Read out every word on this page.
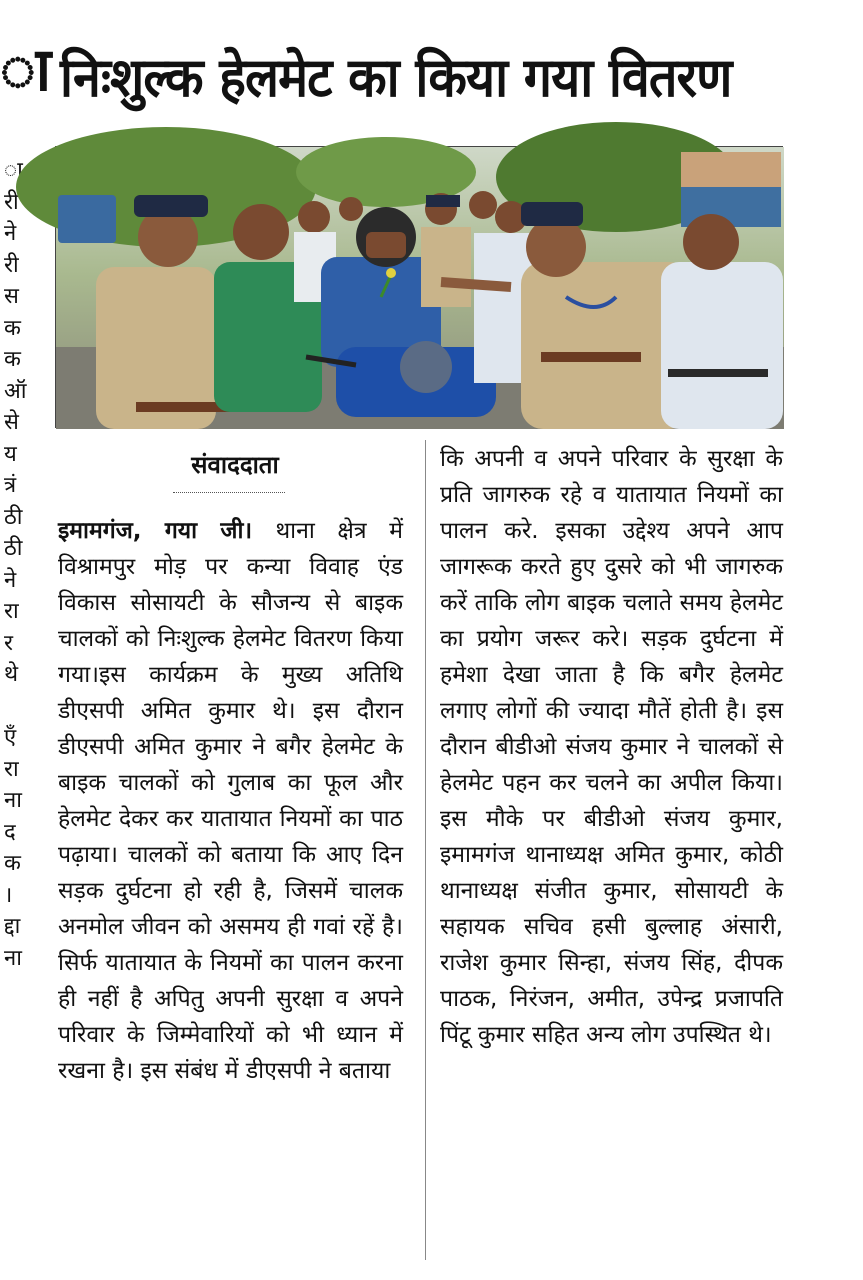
ा
ा
री
ने
री
स
क
क
ऑ
से
य
त्रं
ठी
ठी
ने
रा
र
थे
एँ
रा
ना
द
क
।
द्दा
ना
निःशुल्क हेलमेट का किया गया वितरण
संवाददाता
इमामगंज, गया जी। थाना क्षेत्र में विश्रामपुर मोड़ पर कन्या विवाह एंड विकास सोसायटी के सौजन्य से बाइक चालकों को निःशुल्क हेलमेट वितरण किया गया।इस कार्यक्रम के मुख्य अतिथि डीएसपी अमित कुमार थे। इस दौरान डीएसपी अमित कुमार ने बगैर हेलमेट के बाइक चालकों को गुलाब का फूल और हेलमेट देकर कर यातायात नियमों का पाठ पढ़ाया। चालकों को बताया कि आए दिन सड़क दुर्घटना हो रही है, जिसमें चालक अनमोल जीवन को असमय ही गवां रहें है। सिर्फ यातायात के नियमों का पालन करना ही नहीं है अपितु अपनी सुरक्षा व अपने परिवार के जिम्मेवारियों को भी ध्यान में रखना है। इस संबंध में डीएसपी ने बताया
कि अपनी व अपने परिवार के सुरक्षा के प्रति जागरुक रहे व यातायात नियमों का पालन करे. इसका उद्देश्य अपने आप जागरूक करते हुए दुसरे को भी जागरुक करें ताकि लोग बाइक चलाते समय हेलमेट का प्रयोग जरूर करे। सड़क दुर्घटना में हमेशा देखा जाता है कि बगैर हेलमेट लगाए लोगों की ज्यादा मौतें होती है। इस दौरान बीडीओ संजय कुमार ने चालकों से हेलमेट पहन कर चलने का अपील किया। इस मौके पर बीडीओ संजय कुमार, इमामगंज थानाध्यक्ष अमित कुमार, कोठी थानाध्यक्ष संजीत कुमार, सोसायटी के सहायक सचिव हसी बुल्लाह अंसारी, राजेश कुमार सिन्हा, संजय सिंह, दीपक पाठक, निरंजन, अमीत, उपेन्द्र प्रजापति पिंटू कुमार सहित अन्य लोग उपस्थित थे।
